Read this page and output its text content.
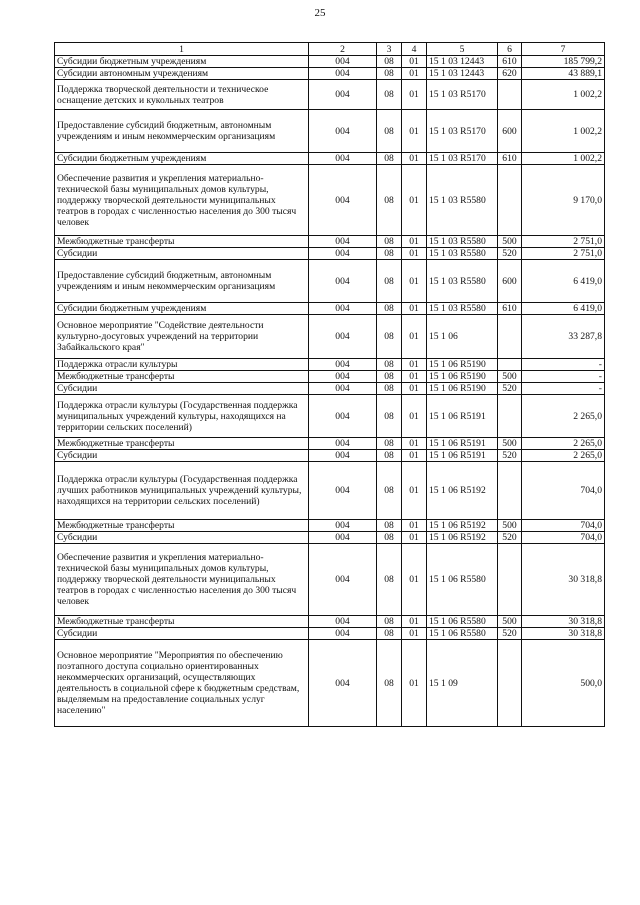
25
1	2	3	4	5	6	7
Субсидии бюджетным учреждениям	004	08	01	15 1 03 12443	610	185 799,2
Субсидии автономным учреждениям	004	08	01	15 1 03 12443	620	43 889,1
Поддержка творческой деятельности и техническое оснащение детских и кукольных театров	004	08	01	15 1 03 R5170		1 002,2
Предоставление субсидий бюджетным, автономным учреждениям и иным некоммерческим организациям	004	08	01	15 1 03 R5170	600	1 002,2
Субсидии бюджетным учреждениям	004	08	01	15 1 03 R5170	610	1 002,2
Обеспечение развития и укрепления материально-технической базы муниципальных домов культуры, поддержку творческой деятельности муниципальных театров в городах с численностью населения до 300 тысяч человек	004	08	01	15 1 03 R5580		9 170,0
Межбюджетные трансферты	004	08	01	15 1 03 R5580	500	2 751,0
Субсидии	004	08	01	15 1 03 R5580	520	2 751,0
Предоставление субсидий бюджетным, автономным учреждениям и иным некоммерческим организациям	004	08	01	15 1 03 R5580	600	6 419,0
Субсидии бюджетным учреждениям	004	08	01	15 1 03 R5580	610	6 419,0
Основное мероприятие "Содействие деятельности культурно-досуговых учреждений на территории Забайкальского края"	004	08	01	15 1 06		33 287,8
Поддержка отрасли культуры	004	08	01	15 1 06 R5190		-
Межбюджетные трансферты	004	08	01	15 1 06 R5190	500	-
Субсидии	004	08	01	15 1 06 R5190	520	-
Поддержка отрасли культуры (Государственная поддержка муниципальных учреждений культуры, находящихся на территории сельских поселений)	004	08	01	15 1 06 R5191		2 265,0
Межбюджетные трансферты	004	08	01	15 1 06 R5191	500	2 265,0
Субсидии	004	08	01	15 1 06 R5191	520	2 265,0
Поддержка отрасли культуры (Государственная поддержка лучших работников муниципальных учреждений культуры, находящихся на территории сельских поселений)	004	08	01	15 1 06 R5192		704,0
Межбюджетные трансферты	004	08	01	15 1 06 R5192	500	704,0
Субсидии	004	08	01	15 1 06 R5192	520	704,0
Обеспечение развития и укрепления материально-технической базы муниципальных домов культуры, поддержку творческой деятельности муниципальных театров в городах с численностью населения до 300 тысяч человек	004	08	01	15 1 06 R5580		30 318,8
Межбюджетные трансферты	004	08	01	15 1 06 R5580	500	30 318,8
Субсидии	004	08	01	15 1 06 R5580	520	30 318,8
Основное мероприятие "Мероприятия по обеспечению поэтапного доступа социально ориентированных некоммерческих организаций, осуществляющих деятельность в социальной сфере к бюджетным средствам, выделяемым на предоставление социальных услуг населению"	004	08	01	15 1 09		500,0
